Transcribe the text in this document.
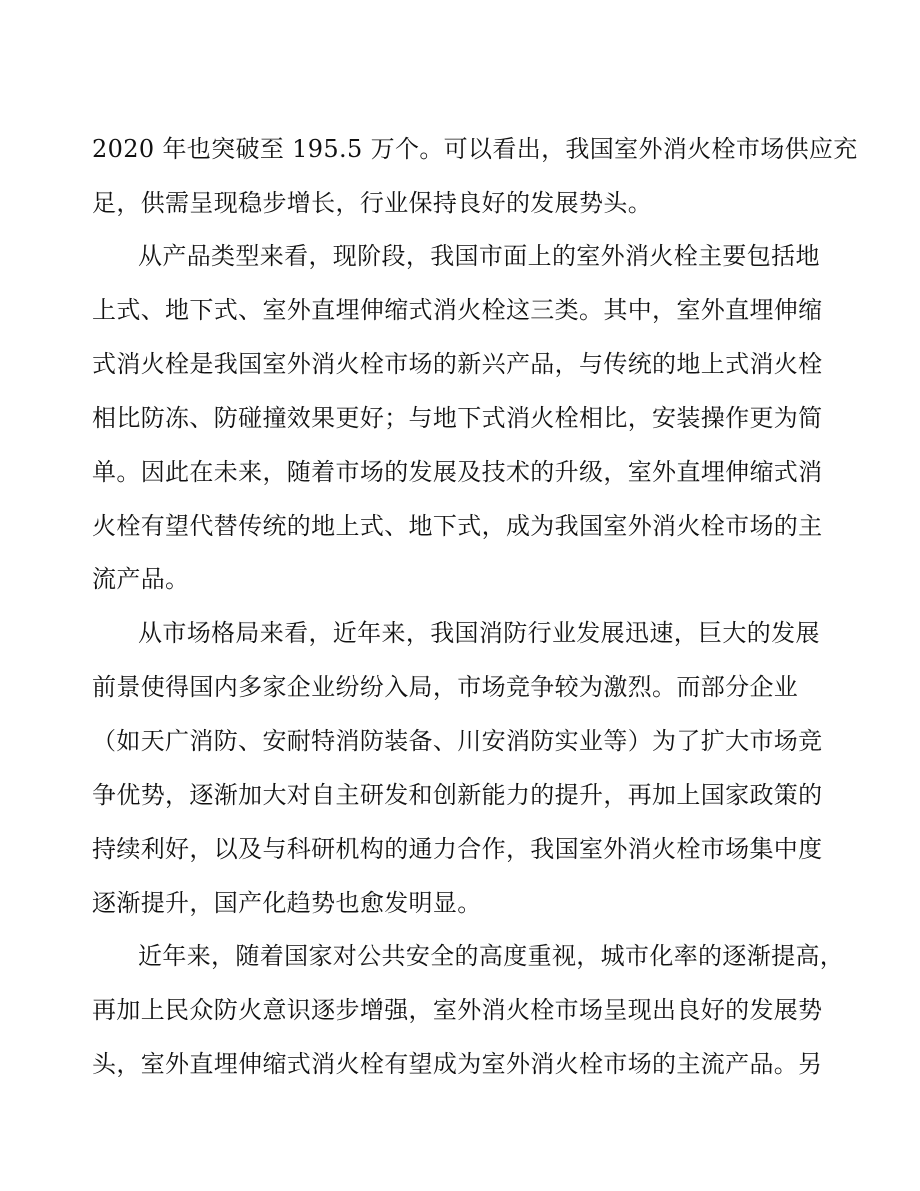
2020 年也突破至 195.5 万个。可以看出，我国室外消火栓市场供应充
足，供需呈现稳步增长，行业保持良好的发展势头。
从产品类型来看，现阶段，我国市面上的室外消火栓主要包括地
上式、地下式、室外直埋伸缩式消火栓这三类。其中，室外直埋伸缩
式消火栓是我国室外消火栓市场的新兴产品，与传统的地上式消火栓
相比防冻、防碰撞效果更好；与地下式消火栓相比，安装操作更为简
单。因此在未来，随着市场的发展及技术的升级，室外直埋伸缩式消
火栓有望代替传统的地上式、地下式，成为我国室外消火栓市场的主
流产品。
从市场格局来看，近年来，我国消防行业发展迅速，巨大的发展
前景使得国内多家企业纷纷入局，市场竞争较为激烈。而部分企业
（如天广消防、安耐特消防装备、川安消防实业等）为了扩大市场竞
争优势，逐渐加大对自主研发和创新能力的提升，再加上国家政策的
持续利好，以及与科研机构的通力合作，我国室外消火栓市场集中度
逐渐提升，国产化趋势也愈发明显。
近年来，随着国家对公共安全的高度重视，城市化率的逐渐提高，
再加上民众防火意识逐步增强，室外消火栓市场呈现出良好的发展势
头，室外直埋伸缩式消火栓有望成为室外消火栓市场的主流产品。另
